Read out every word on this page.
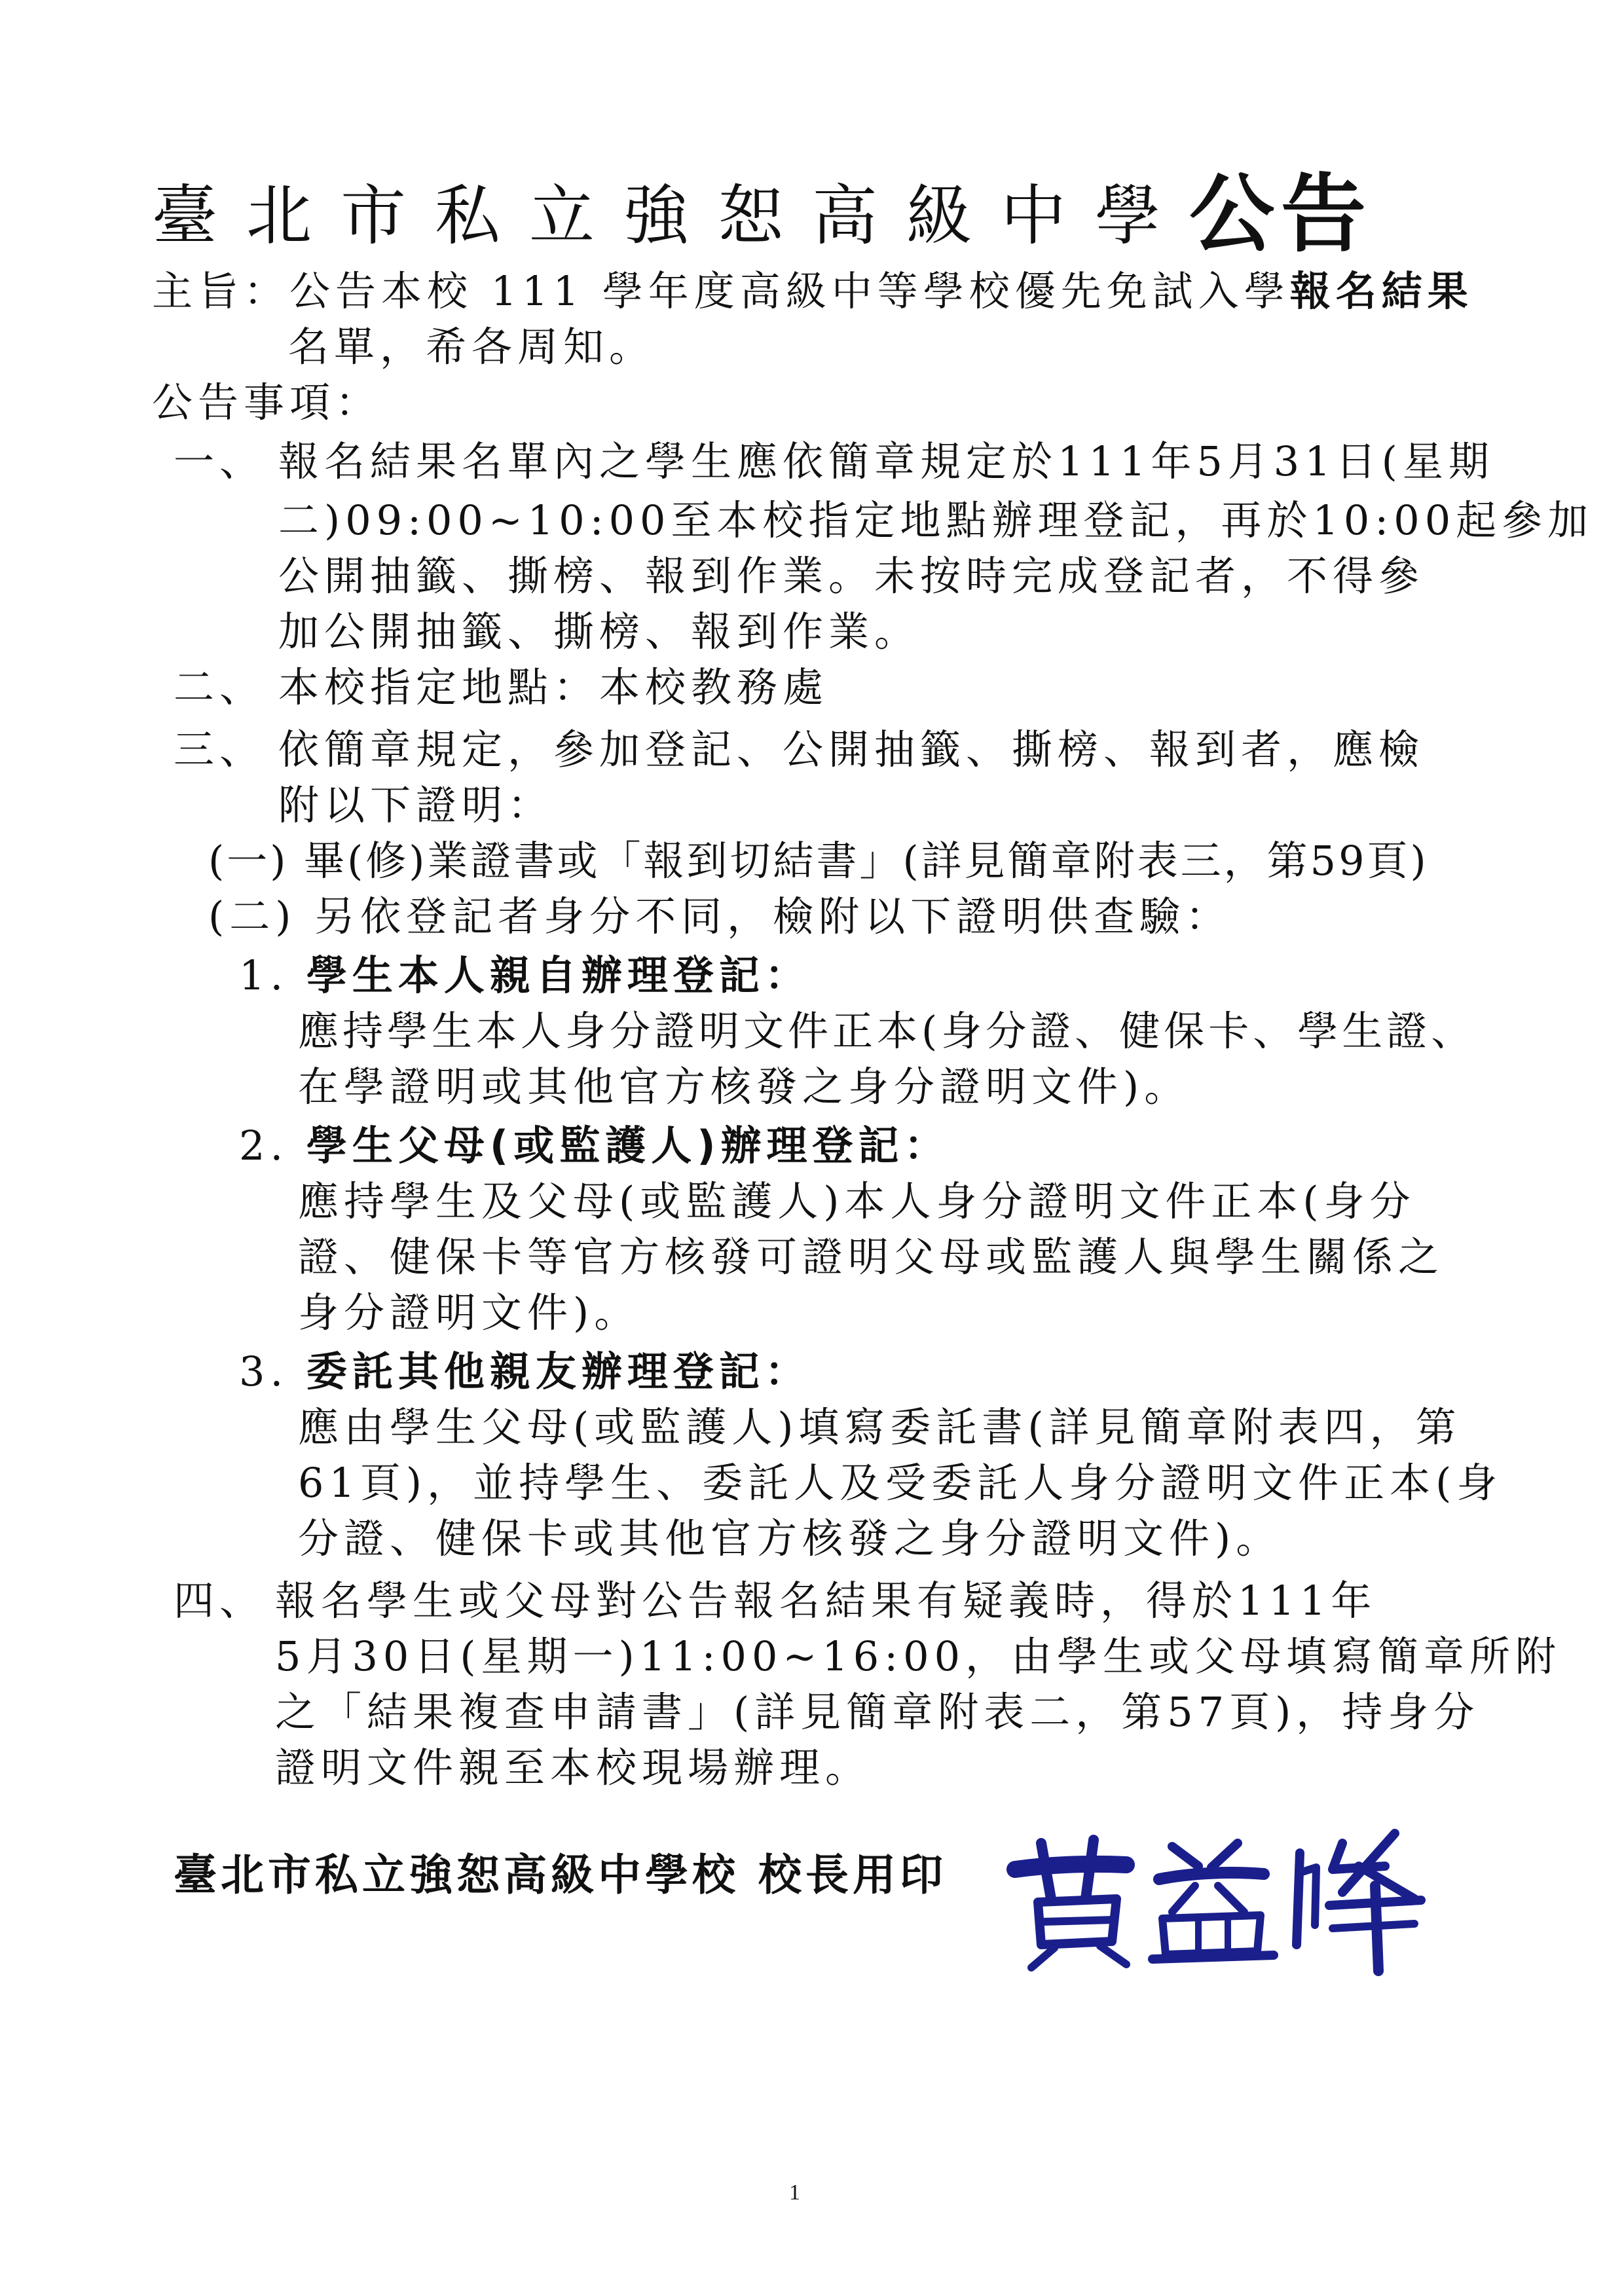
臺北市私立強恕高級中學公告
主旨：公告本校 111 學年度高級中等學校優先免試入學報名結果
名單，希各周知。
公告事項：
一、 報名結果名單內之學生應依簡章規定於111年5月31日(星期
二)09:00~10:00至本校指定地點辦理登記，再於10:00起參加
公開抽籤、撕榜、報到作業。未按時完成登記者，不得參
加公開抽籤、撕榜、報到作業。
二、 本校指定地點：本校教務處
三、 依簡章規定，參加登記、公開抽籤、撕榜、報到者，應檢
附以下證明：
(一) 畢(修)業證書或「報到切結書」(詳見簡章附表三，第59頁)
(二) 另依登記者身分不同，檢附以下證明供查驗：
1. 學生本人親自辦理登記：
應持學生本人身分證明文件正本(身分證、健保卡、學生證、
在學證明或其他官方核發之身分證明文件)。
2. 學生父母(或監護人)辦理登記：
應持學生及父母(或監護人)本人身分證明文件正本(身分
證、健保卡等官方核發可證明父母或監護人與學生關係之
身分證明文件)。
3. 委託其他親友辦理登記：
應由學生父母(或監護人)填寫委託書(詳見簡章附表四，第
61頁)，並持學生、委託人及受委託人身分證明文件正本(身
分證、健保卡或其他官方核發之身分證明文件)。
四、 報名學生或父母對公告報名結果有疑義時，得於111年
5月30日(星期一)11:00~16:00，由學生或父母填寫簡章所附
之「結果複查申請書」(詳見簡章附表二，第57頁)，持身分
證明文件親至本校現場辦理。
臺北市私立強恕高級中學校 校長用印
1
